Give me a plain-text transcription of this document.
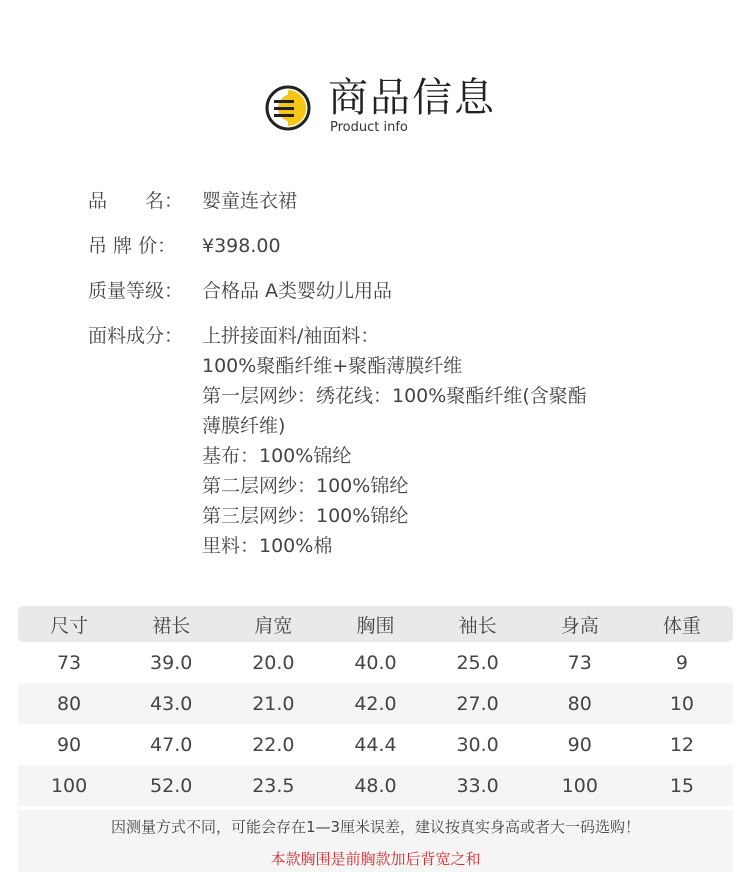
商品信息
Product info
品　　名： 婴童连衣裙
吊 牌 价：	¥398.00
质量等级： 合格品 A类婴幼儿用品
面料成分： 上拼接面料/袖面料：
100%聚酯纤维+聚酯薄膜纤维
第一层网纱：绣花线：100%聚酯纤维(含聚酯
薄膜纤维)
基布：100%锦纶
第二层网纱：100%锦纶
第三层网纱：100%锦纶
里料：100%棉
尺寸	裙长	肩宽	胸围	袖长	身高	体重
73	39.0	20.0	40.0	25.0	73	9
80	43.0	21.0	42.0	27.0	80	10
90	47.0	22.0	44.4	30.0	90	12
100	52.0	23.5	48.0	33.0	100	15
因测量方式不同，可能会存在1—3厘米误差，建议按真实身高或者大一码选购！
本款胸围是前胸款加后背宽之和
